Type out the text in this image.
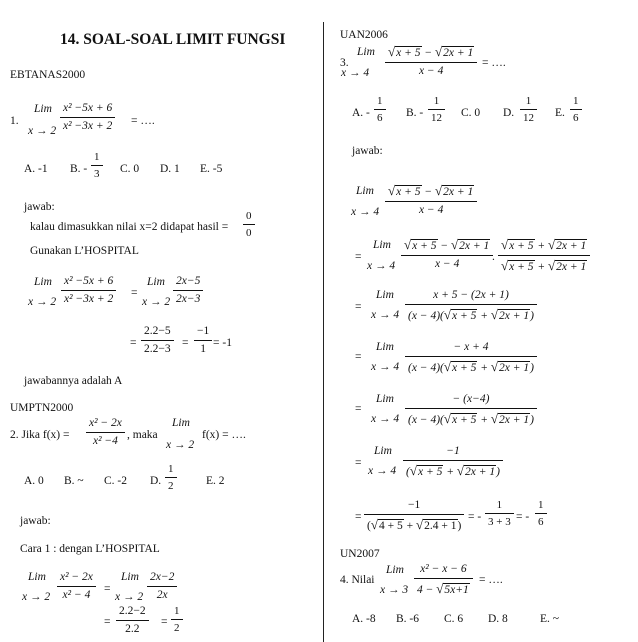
14. SOAL-SOAL LIMIT FUNGSI
EBTANAS2000
1.
Lim
x → 2
x² −5x + 6
x² −3x + 2 = ….
A. -1 B. -
1
3 C. 0 D. 1 E. -5
jawab:
kalau dimasukkan nilai x=2 didapat hasil =
0
0
Gunakan L’HOSPITAL
Lim
x → 2
x² −5x + 6
x² −3x + 2 =
Lim
x → 2
2x−5
2x−3
=
2.2−5
2.2−3 =
−1
1 = -1
jawabannya adalah A
UMPTN2000
2. Jika f(x) =
x² − 2x
x² −4 , maka
Lim
x → 2
f(x) = ….
A. 0 B. ~ C. -2 D.
1
2	E. 2
jawab:
Cara 1 : dengan L’HOSPITAL
Lim
x → 2
x² − 2x
x² − 4 =
Lim
x → 2
2x−2
2x
=
2.2−2
2.2
=
1
2
UAN2006
3.
Lim
x → 4
√x + 5 − √2x + 1
x − 4
= ….
A. -
1
6 B. -
1
12 C. 0 D.
1
12 E.
1
6
jawab:
Lim
x → 4
√x + 5 − √2x + 1
x − 4
=
Lim
x → 4
√x + 5 − √2x + 1
x − 4
.
√x + 5 + √2x + 1
√x + 5 + √2x + 1
=
Lim
x → 4
x + 5 − (2x + 1)
(x − 4)(√x + 5 + √2x + 1)
=
Lim
x → 4
− x + 4
(x − 4)(√x + 5 + √2x + 1)
=
Lim
x → 4
− (x−4)
(x − 4)(√x + 5 + √2x + 1)
=
Lim
x → 4
−1
(√x + 5 + √2x + 1)
=
−1
(√4 + 5 + √2.4 + 1)
= -
1
3 + 3 = -
1
6
UN2007
4. Nilai
Lim
x → 3
x² − x − 6
4 − √5x+1
= ….
A. -8 B. -6 C. 6 D. 8	E. ~
